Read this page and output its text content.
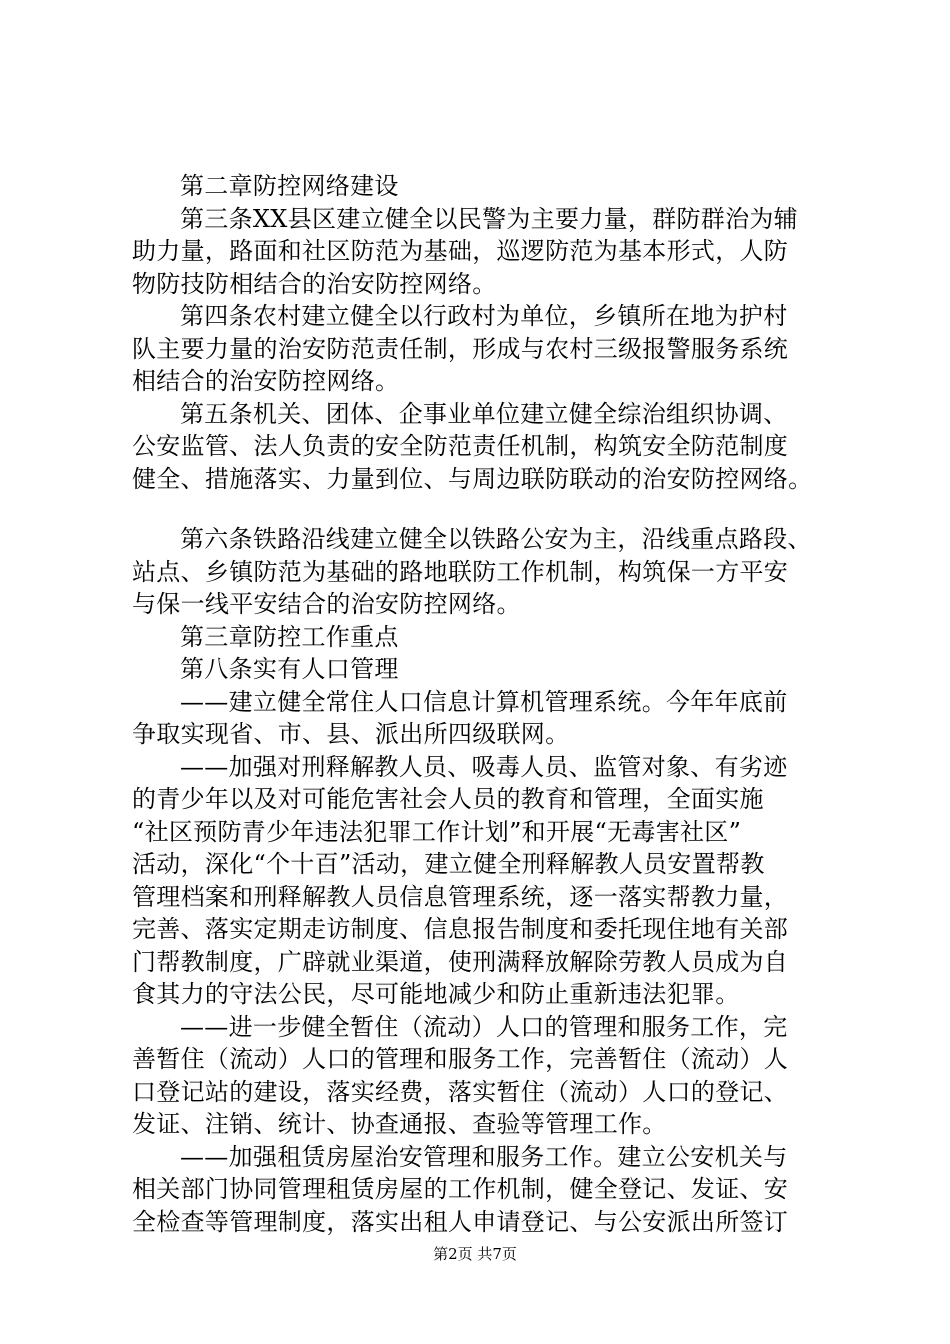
第二章防控网络建设
第三条XX县区建立健全以民警为主要力量，群防群治为辅
助力量，路面和社区防范为基础，巡逻防范为基本形式，人防
物防技防相结合的治安防控网络。
第四条农村建立健全以行政村为单位，乡镇所在地为护村
队主要力量的治安防范责任制，形成与农村三级报警服务系统
相结合的治安防控网络。
第五条机关、团体、企事业单位建立健全综治组织协调、
公安监管、法人负责的安全防范责任机制，构筑安全防范制度
健全、措施落实、力量到位、与周边联防联动的治安防控网络。
第六条铁路沿线建立健全以铁路公安为主，沿线重点路段、
站点、乡镇防范为基础的路地联防工作机制，构筑保一方平安
与保一线平安结合的治安防控网络。
第三章防控工作重点
第八条实有人口管理
——建立健全常住人口信息计算机管理系统。今年年底前
争取实现省、市、县、派出所四级联网。
——加强对刑释解教人员、吸毒人员、监管对象、有劣迹
的青少年以及对可能危害社会人员的教育和管理，全面实施
“社区预防青少年违法犯罪工作计划”和开展“无毒害社区”
活动，深化“个十百”活动，建立健全刑释解教人员安置帮教
管理档案和刑释解教人员信息管理系统，逐一落实帮教力量，
完善、落实定期走访制度、信息报告制度和委托现住地有关部
门帮教制度，广辟就业渠道，使刑满释放解除劳教人员成为自
食其力的守法公民，尽可能地减少和防止重新违法犯罪。
——进一步健全暂住（流动）人口的管理和服务工作，完
善暂住（流动）人口的管理和服务工作，完善暂住（流动）人
口登记站的建设，落实经费，落实暂住（流动）人口的登记、
发证、注销、统计、协查通报、查验等管理工作。
——加强租赁房屋治安管理和服务工作。建立公安机关与
相关部门协同管理租赁房屋的工作机制，健全登记、发证、安
全检查等管理制度，落实出租人申请登记、与公安派出所签订
第2页 共7页
